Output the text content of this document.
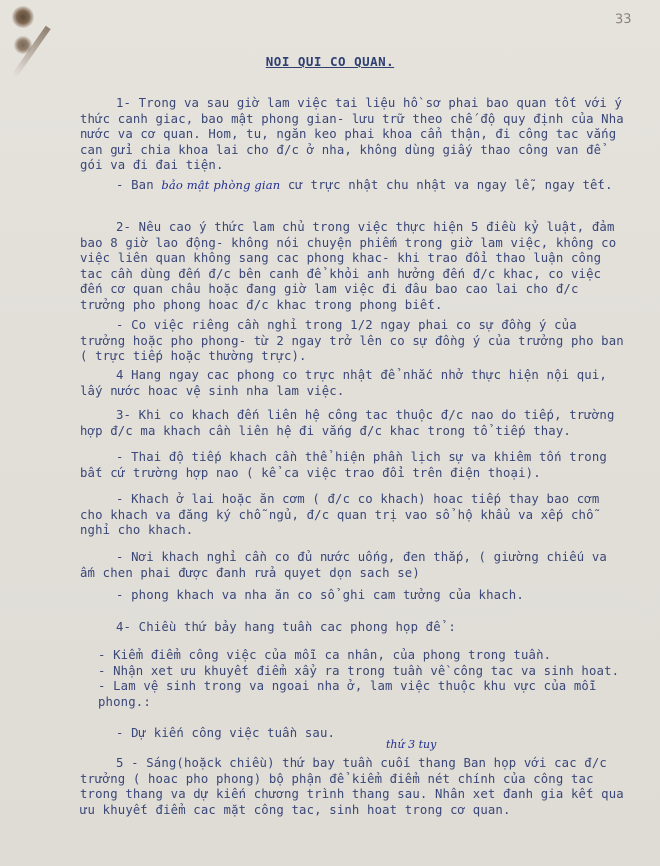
33
NOI QUI CO QUAN.

1- Trong va sau giờ lam việc tai liệu hồ sơ phai bao quan tốt với ý thức canh giac, bao mật phong gian- lưu trữ theo chế độ quy định của Nha nước va cơ quan. Hom, tu, ngăn keo phai khoa cẩn thận, đi công tac vắng can gửi chia khoa lai cho đ/c ở nha, không dùng giấy thao công van để gói va đi đai tiện.

- Ban bảo mật phòng gian cư trực nhật chu nhật va ngay lễ, ngay tết.

2- Nêu cao ý thức lam chủ trong việc thực hiện 5 điều kỷ luật, đảm bao 8 giờ lao động- không nói chuyện phiếm trong giờ lam việc, không co việc liên quan không sang cac phong khac- khi trao đổi thao luận công tac cần dùng đến đ/c bên canh để khỏi anh hưởng đến đ/c khac, co việc đến cơ quan châu hoặc đang giờ lam việc đi đâu bao cao lai cho đ/c trưởng pho phong hoac đ/c khac trong phong biết.

- Co việc riêng cần nghỉ trong 1/2 ngay phai co sự đồng ý của trưởng hoặc pho phong- từ 2 ngay trở lên co sự đồng ý của trưởng pho ban ( trực tiếp hoặc thường trực).

4 Hang ngay cac phong co trực nhật để nhắc nhở thực hiện nội qui, lấy nước hoac vệ sinh nha lam việc.

3- Khi co khach đến liên hệ công tac thuộc đ/c nao do tiếp, trường hợp đ/c ma khach cần liên hệ đi vắng đ/c khac trong tổ tiếp thay.

- Thai độ tiếp khach cần thể hiện phần lịch sự va khiêm tốn trong bất cứ trường hợp nao ( kể ca việc trao đổi trên điện thoại).

- Khach ở lai hoặc ăn cơm ( đ/c co khach) hoac tiếp thay bao cơm cho khach va đăng ký chỗ ngủ, đ/c quan trị vao sổ hộ khẩu va xếp chỗ nghỉ cho khach.

- Nơi khach nghỉ cần co đủ nước uống, đen thắp, ( giường chiếu va ấm chen phai được đanh rửa quyet dọn sach se)

- phong khach va nha ăn co sổ ghi cam tưởng của khach.

4- Chiều thứ bảy hang tuần cac phong họp để :

- Kiểm điểm công việc của mỗi ca nhân, của phong trong tuần.
- Nhận xet ưu khuyết điểm xẩy ra trong tuần về công tac va sinh hoat.
- Lam vệ sinh trong va ngoai nha ở, lam việc thuộc khu vực của mỗi phong.:

- Dự kiến công việc tuần sau.

thứ 3 tuy

5 - Sáng(hoặck chiều) thứ bay tuần cuối thang Ban họp với cac đ/c trưởng ( hoac pho phong) bộ phận để kiểm điểm nét chính của công tac trong thang va dự kiến chương trình thang sau. Nhân xet đanh gia kết qua ưu khuyết điểm cac mặt công tac, sinh hoat trong cơ quan.
